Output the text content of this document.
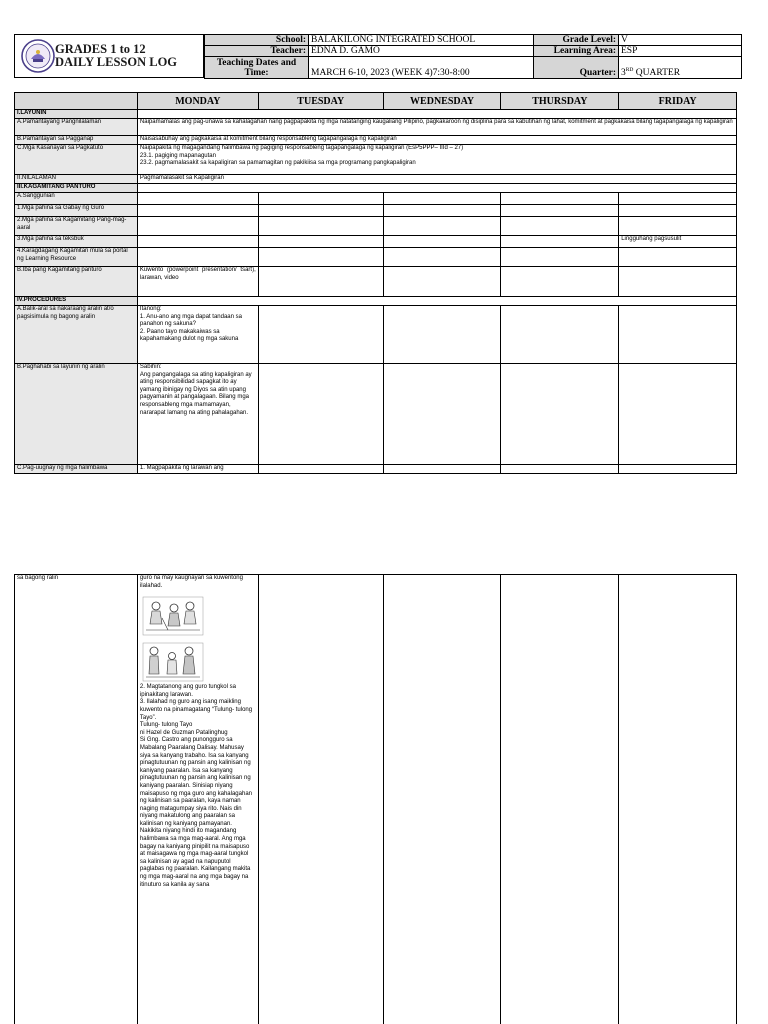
GRADES 1 to 12
DAILY LESSON LOG
School:	BALAKILONG INTEGRATED SCHOOL	Grade Level:	V
Teacher:	EDNA D. GAMO	Learning Area:	ESP
Teaching Dates and Time:	MARCH 6-10, 2023 (WEEK 4)7:30-8:00	Quarter:	3RD QUARTER
	MONDAY	TUESDAY	WEDNESDAY	THURSDAY	FRIDAY
I.LAYUNIN					
A.Pamantayang Pangnilalaman	Naipamamalas ang pag-unawa sa kahalagahan nang pagpapakita ng mga natatanging kaugaliang Pilipino, pagkakaroon ng disiplina para sa kabutihan ng lahat, komitment at pagkakaisa bilang tagapangalaga ng kapaligiran				
B.Pamantayan sa Pagganap	Naisasabuhay ang pagkakaisa at komitment bilang responsableng tagapangalaga ng kapaligiran				
C.Mga Kasanayan sa Pagkatuto	Naipapakita ng magagandang halimbawa ng pagiging responsableng tagapangalaga ng kapaligiran (EsP5PPP– IIId – 27)
23.1. pagiging mapanagutan
23.2. pagmamalasakit sa kapaligiran sa pamamagitan ng pakikiisa sa mga programang pangkapaligiran				
II.NILALAMAN	Pagmamalasakit sa Kapaligiran				
III.KAGAMITANG PANTURO					
A.Sanggunian					
1.Mga pahina sa Gabay ng Guro					
2.Mga pahina sa Kagamitang Pang-mag-aaral					
3.Mga pahina sa teksbuk					Lingguhang pagsusulit
4.Karagdagang Kagamitan mula sa portal ng Learning Resource					
B.Iba pang Kagamitang panturo	Kuwento (powerpoint presentation/ tsart), larawan, video				
IV.PROCEDURES					
A.Balik-aral sa nakaraang aralin at/o pagsisimula ng bagong aralin	Itanong:
1. Anu-ano ang mga dapat tandaan sa panahon ng sakuna?
2. Paano tayo makakaiwas sa kapahamakang dulot ng mga sakuna				
B.Paghahabi sa layunin ng aralin	Sabihin:
Ang pangangalaga sa ating kapaligiran ay ating responsibilidad sapagkat ito ay yamang ibinigay ng Diyos sa atin upang pagyamanin at pangalagaan. Bilang mga responsableng mga mamamayan, nararapat lamang na ating pahalagahan.				
C.Pag-uugnay ng mga halimbawa	1. Magpapakita ng larawan ang				
sa bagong ralin	guro na may kaugnayan sa kuwentong ilalahad.
2. Magtatanong ang guro tungkol sa ipinakitang larawan.
3. Ilalahad ng guro ang isang maikling kuwento na pinamagatang “Tulung- tulong Tayo”.
Tulung- tulong Tayo
ni Hazel de Guzman Patalinghug
Si Gng. Castro ang punongguro sa Mabalang Paaralang Dalisay. Mahusay siya sa kanyang trabaho. Isa sa kanyang pinagtutuunan ng pansin ang kalinisan ng kaniyang paaralan. Isa sa kanyang pinagtutuunan ng pansin ang kalinisan ng kaniyang paaralan. Sinisiap niyang maisapuso ng mga guro ang kahalagahan ng kalinisan sa paaralan, kaya naman naging matagumpay siya rito. Nais din niyang makatulong ang paaralan sa kalinisan ng kaniyang pamayanan.
Nakikita niyang hindi ito magandang halimbawa sa mga mag-aaral. Ang mga bagay na kaniyang pinipilit na maisapuso at maisagawa ng mga mag-aaral tungkol sa kalinisan ay agad na napuputol paglabas ng paaralan. Kailangang makita ng mga mag-aaral na ang mga bagay na itinuturo sa kanila ay sana
